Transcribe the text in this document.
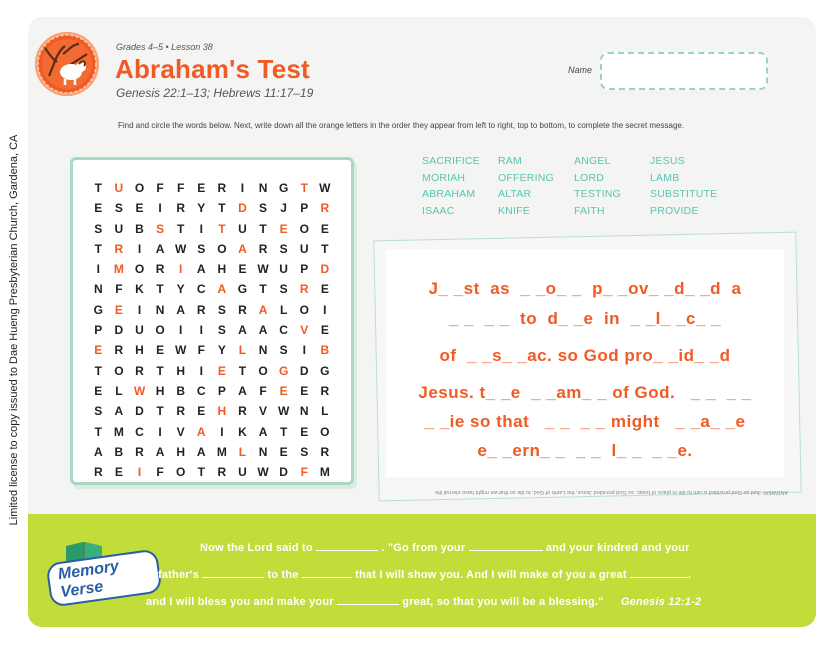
Limited license to copy issued to Dae Hueng Presbyterian Church, Gardena, CA
Grades 4–5 • Lesson 38
Abraham's Test
Genesis 22:1–13; Hebrews 11:17–19
Name
Find and circle the words below. Next, write down all the orange letters in the order they appear from left to right, top to bottom, to complete the secret message.
T	U O	F	F	E	R	I	N G	T W
E	S	E	I	R	Y	T	D	S	J	P	R
S	U B	S	T	I	T	U	T	E O E
T	R	I	A W S O A R	S	U	T
I	M O R	I	A H	E W U	P	D
N	F	K	T	Y	C A G	T	S	R	E
G E	I	N A R	S	R A	L	O	I
P	D U O	I	I	S	A A C	V	E
E	R H	E W F	Y	L	N	S	I	B
T	O R	T	H	I	E	T	O G D G
E	L W H B C	P	A	F	E	E	R
S	A D	T	R	E	H R	V W N	L
T M C	I	V	A	I	K A	T	E O
A B R A H A M L	N	E	S	R
R	E	I	F	O	T	R U W D	F M
SACRIFICE	RAM	ANGEL	JESUS
MORIAH	OFFERING	LORD	LAMB
ABRAHAM	ALTAR	TESTING	SUBSTITUTE
ISAAC	KNIFE	FAITH	PROVIDE
J_ _st  as  _ _o_ _  p_ _ov_ _d_ _d  a
_ _  _ _  to  d_ _e  in  _ _l_ _c_ _
of  _ _s_ _ac. so God pro_ _id_ _d
Jesus. t_ _e  _ _am_ _ of God.   _ _  _ _
_ _ie so that   _ _  _ _ might   _ _a_ _e
e_ _ern_ _  _ _  l_ _  _ _e.
ANSWER: Just as God provided a ram to die in place of Isaac, so God provided Jesus, the Lamb of God, to die so that we might have eternal life.
Memory Verse
Now the Lord said to	. "Go from your	and your kindred and your
father's	to the	that I will show you. And I will make of you a great	.
and I will bless you and make your	great, so that you will be a blessing." Genesis 12:1-2
